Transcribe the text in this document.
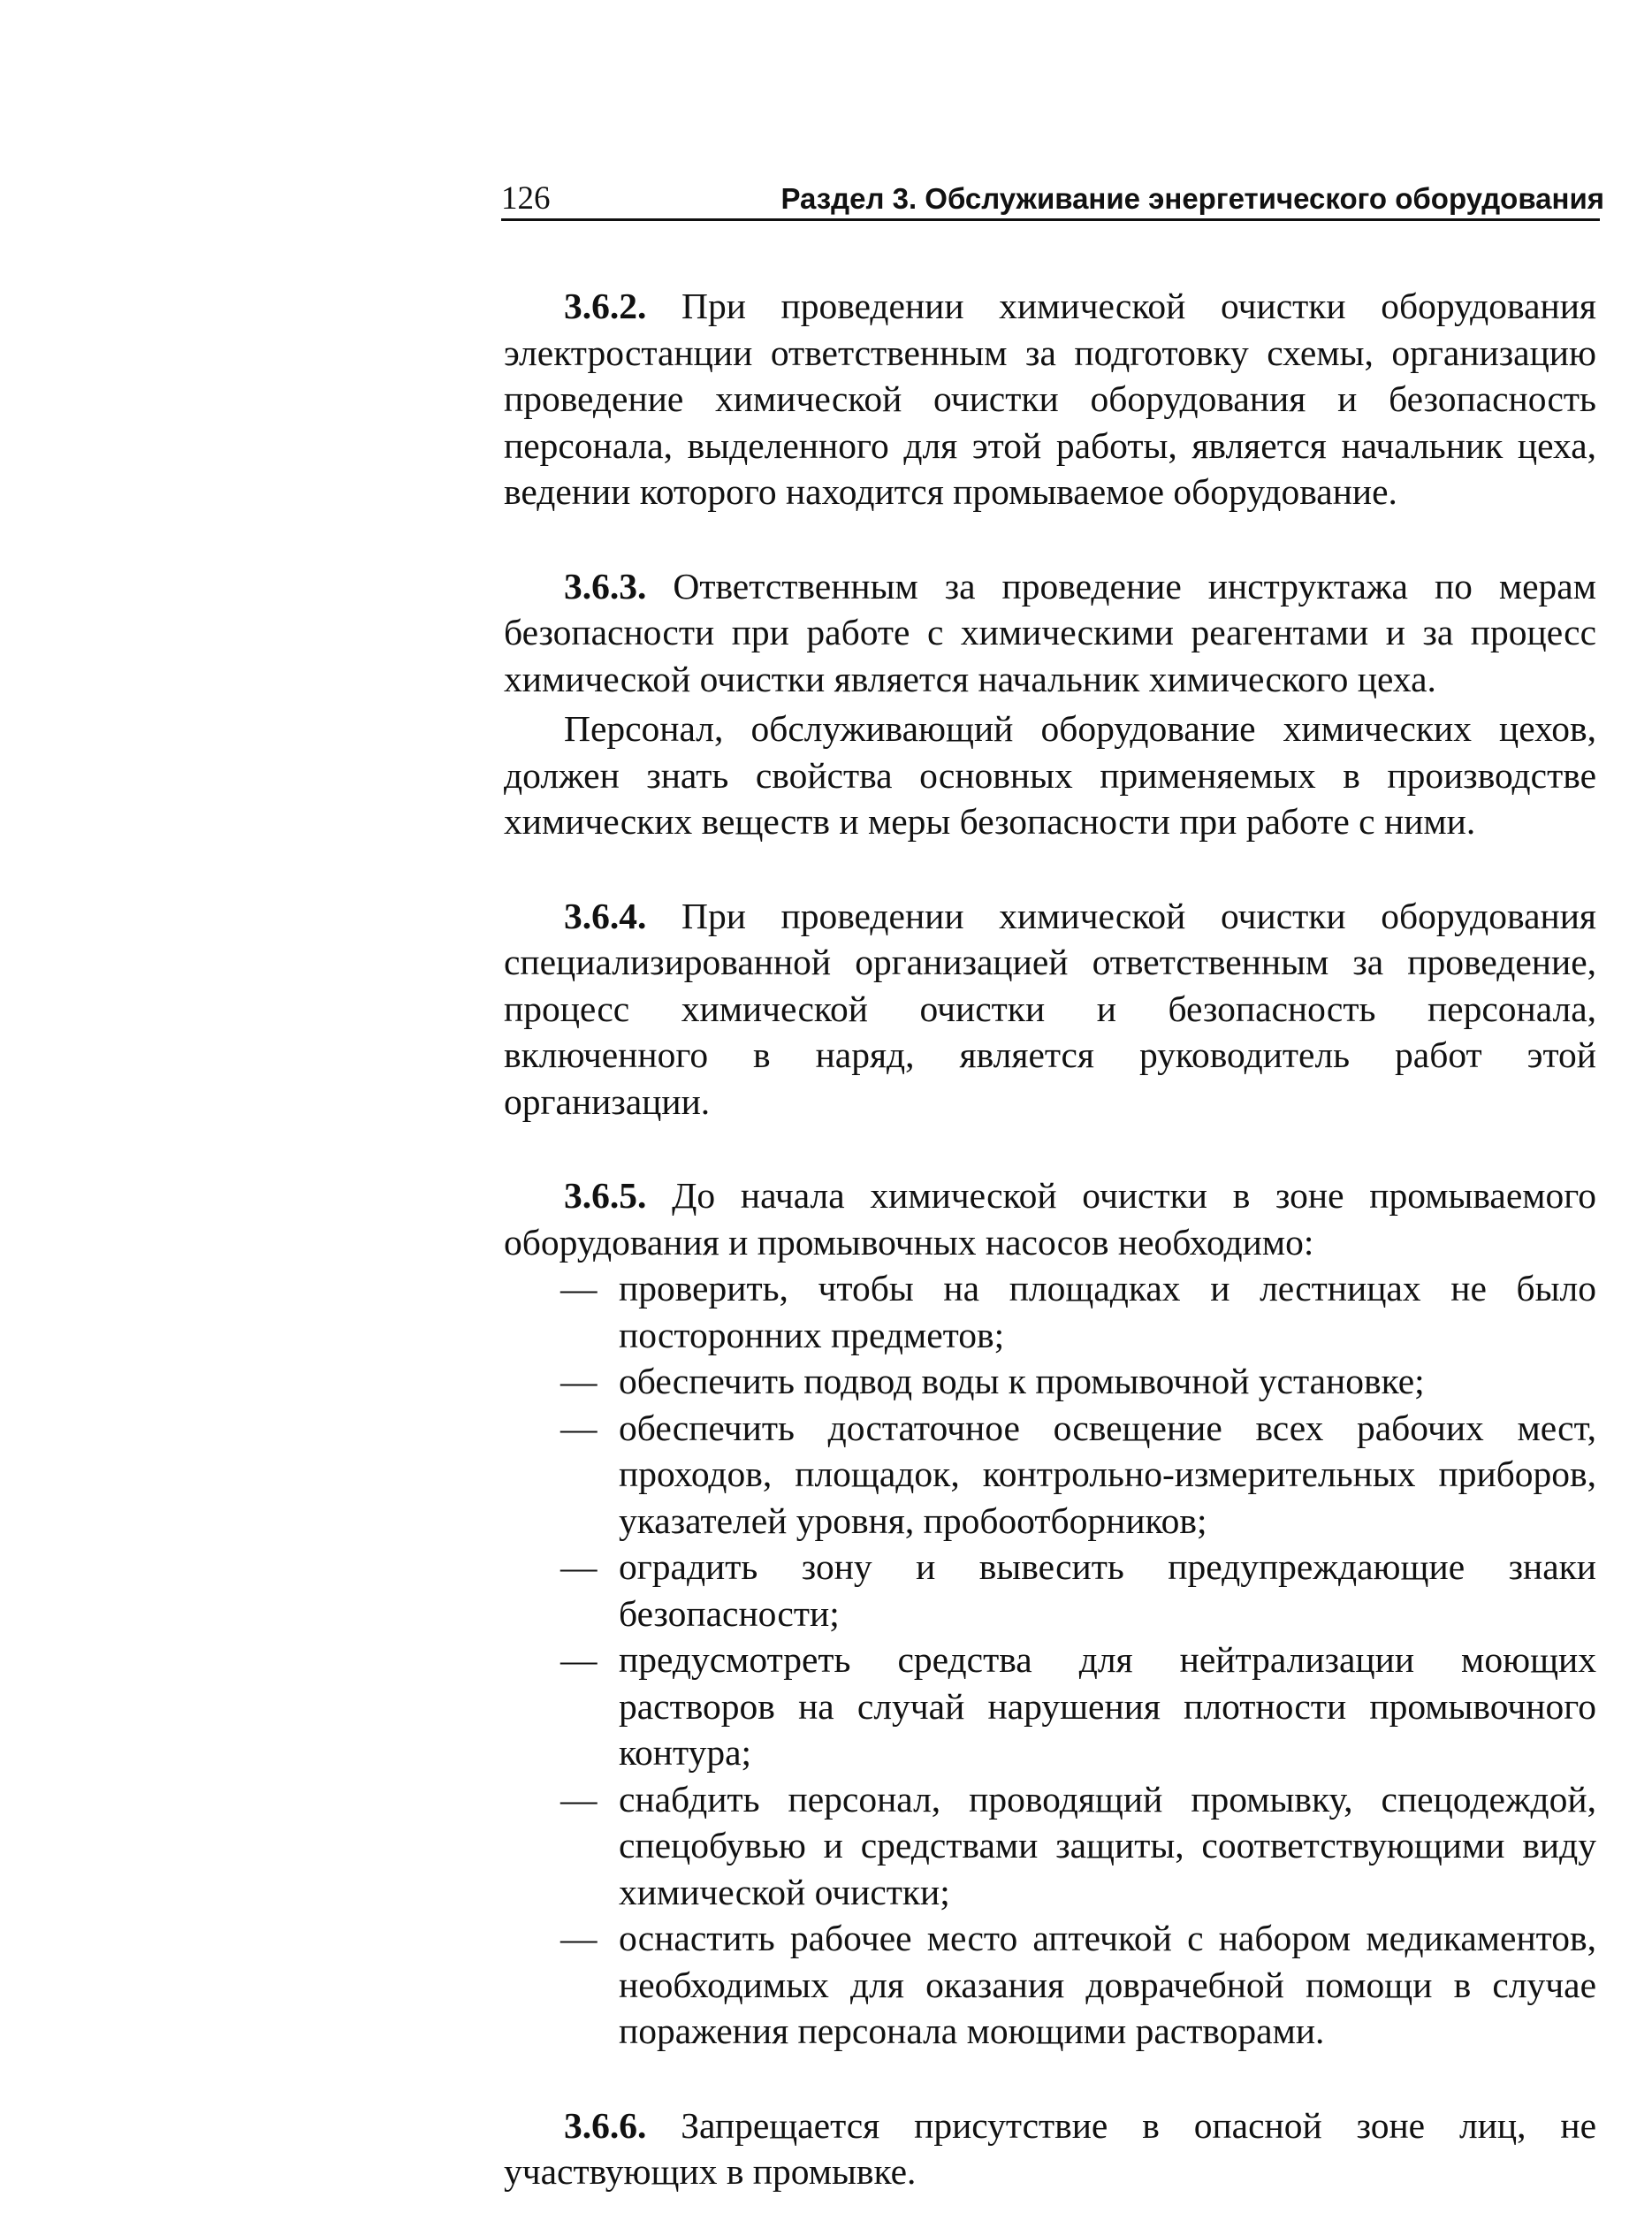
126	Раздел 3. Обслуживание энергетического оборудования

3.6.2. При проведении химической очистки оборудования электростанции ответственным за подготовку схемы, организацию проведение химической очистки оборудования и безопасность персонала, выделенного для этой работы, является начальник цеха, ведении которого находится промываемое оборудование.

3.6.3. Ответственным за проведение инструктажа по мерам безопасности при работе с химическими реагентами и за процесс химической очистки является начальник химического цеха.

Персонал, обслуживающий оборудование химических цехов, должен знать свойства основных применяемых в производстве химических веществ и меры безопасности при работе с ними.

3.6.4. При проведении химической очистки оборудования специализированной организацией ответственным за проведение, процесс химической очистки и безопасность персонала, включенного в наряд, является руководитель работ этой организации.

3.6.5. До начала химической очистки в зоне промываемого оборудования и промывочных насосов необходимо:

— проверить, чтобы на площадках и лестницах не было посторонних предметов;
— обеспечить подвод воды к промывочной установке;
— обеспечить достаточное освещение всех рабочих мест, проходов, площадок, контрольно-измерительных приборов, указателей уровня, пробоотборников;
— оградить зону и вывесить предупреждающие знаки безопасности;
— предусмотреть средства для нейтрализации моющих растворов на случай нарушения плотности промывочного контура;
— снабдить персонал, проводящий промывку, спецодеждой, спецобувью и средствами защиты, соответствующими виду химической очистки;
— оснастить рабочее место аптечкой с набором медикаментов, необходимых для оказания доврачебной помощи в случае поражения персонала моющими растворами.

3.6.6. Запрещается присутствие в опасной зоне лиц, не участвующих в промывке.
